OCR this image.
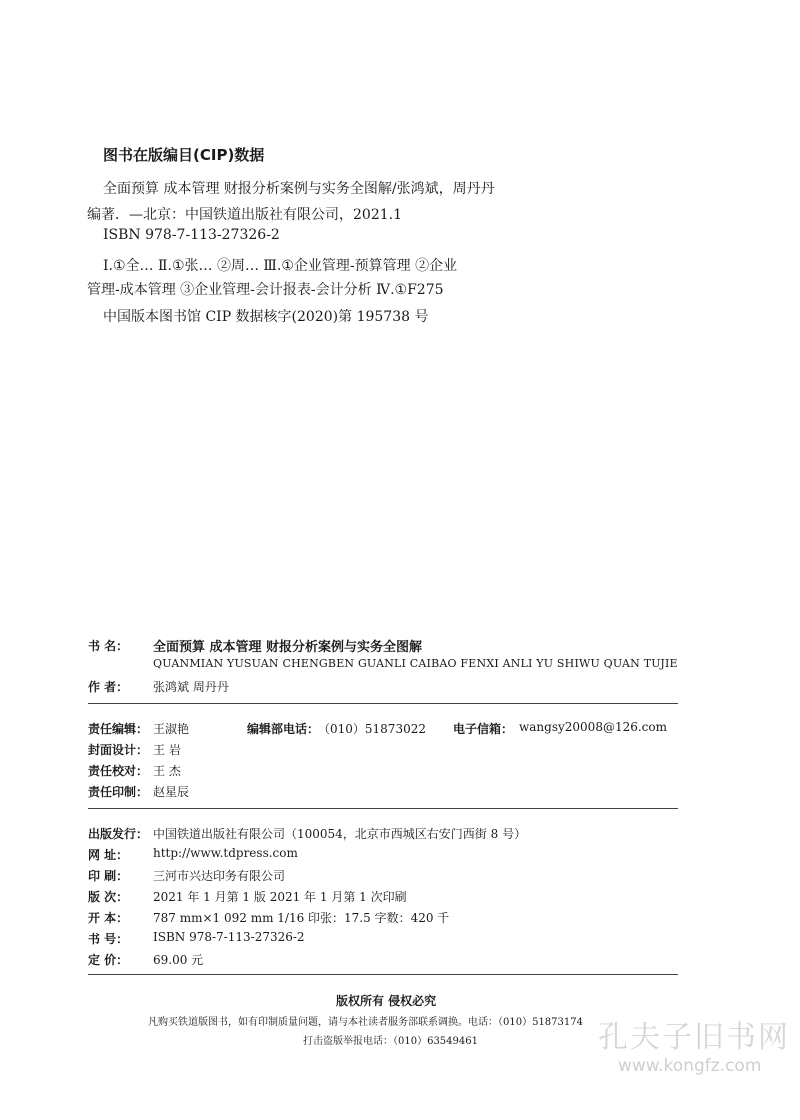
图书在版编目(CIP)数据
全面预算 成本管理 财报分析案例与实务全图解/张鸿斌，周丹丹
编著．—北京：中国铁道出版社有限公司，2021.1
ISBN 978-7-113-27326-2
Ⅰ.①全… Ⅱ.①张… ②周… Ⅲ.①企业管理-预算管理 ②企业
管理-成本管理 ③企业管理-会计报表-会计分析 Ⅳ.①F275
中国版本图书馆 CIP 数据核字(2020)第 195738 号
书 名： 全面预算 成本管理 财报分析案例与实务全图解
QUANMIAN YUSUAN CHENGBEN GUANLI CAIBAO FENXI ANLI YU SHIWU QUAN TUJIE
作 者： 张鸿斌 周丹丹
责任编辑： 王淑艳	编辑部电话：
（010）51873022 电子信箱： wangsy20008@126.com
封面设计： 王 岩
责任校对： 王 杰
责任印制： 赵星辰
出版发行： 中国铁道出版社有限公司（100054，北京市西城区右安门西街 8 号）
网 址： http://www.tdpress.com
印 刷： 三河市兴达印务有限公司
版 次： 2021 年 1 月第 1 版 2021 年 1 月第 1 次印刷
开 本： 787 mm×1 092 mm 1/16 印张：17.5 字数：420 千
书 号： ISBN 978-7-113-27326-2
定 价： 69.00 元
版权所有 侵权必究
凡购买铁道版图书，如有印制质量问题，请与本社读者服务部联系调换。电话：（010）51873174
打击盗版举报电话：（010）63549461	孔夫子旧书网
www.kongfz.com
